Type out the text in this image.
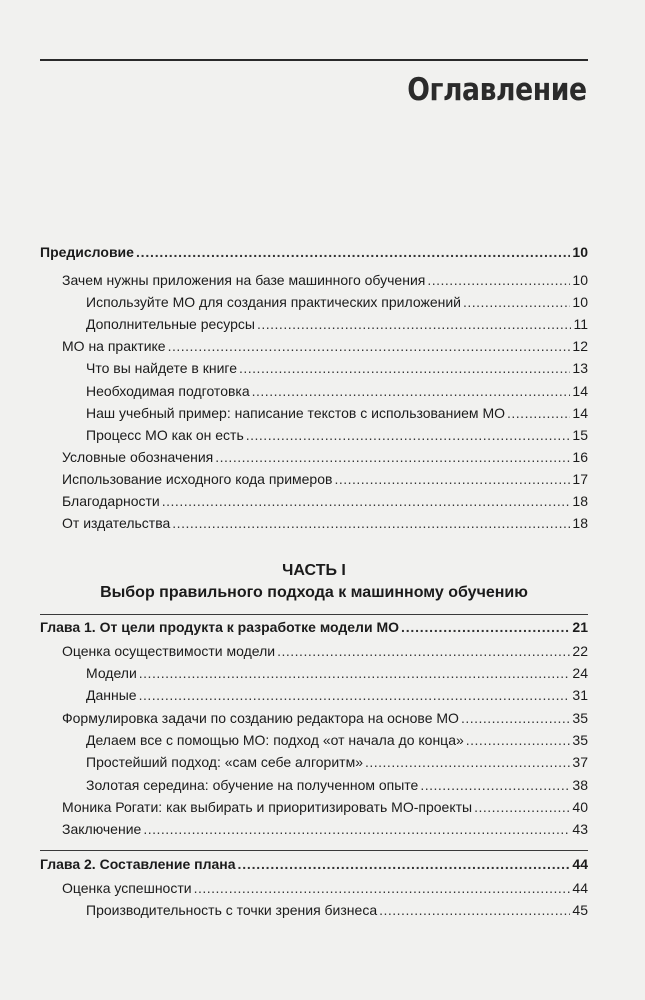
Оглавление
Предисловие .....	10
Зачем нужны приложения на базе машинного обучения .....	10
Используйте МО для создания практических приложений .....	10
Дополнительные ресурсы .....	11
МО на практике .....	12
Что вы найдете в книге .....	13
Необходимая подготовка .....	14
Наш учебный пример: написание текстов с использованием МО .....	14
Процесс МО как он есть .....	15
Условные обозначения .....	16
Использование исходного кода примеров .....	17
Благодарности .....	18
От издательства .....	18
ЧАСТЬ I
Выбор правильного подхода к машинному обучению
Глава 1. От цели продукта к разработке модели МО .....	21
Оценка осуществимости модели .....	22
Модели .....	24
Данные .....	31
Формулировка задачи по созданию редактора на основе МО .....	35
Делаем все с помощью МО: подход «от начала до конца» .....	35
Простейший подход: «сам себе алгоритм» .....	37
Золотая середина: обучение на полученном опыте .....	38
Моника Рогати: как выбирать и приоритизировать МО-проекты .....	40
Заключение .....	43
Глава 2. Составление плана .....	44
Оценка успешности .....	44
Производительность с точки зрения бизнеса .....	45
